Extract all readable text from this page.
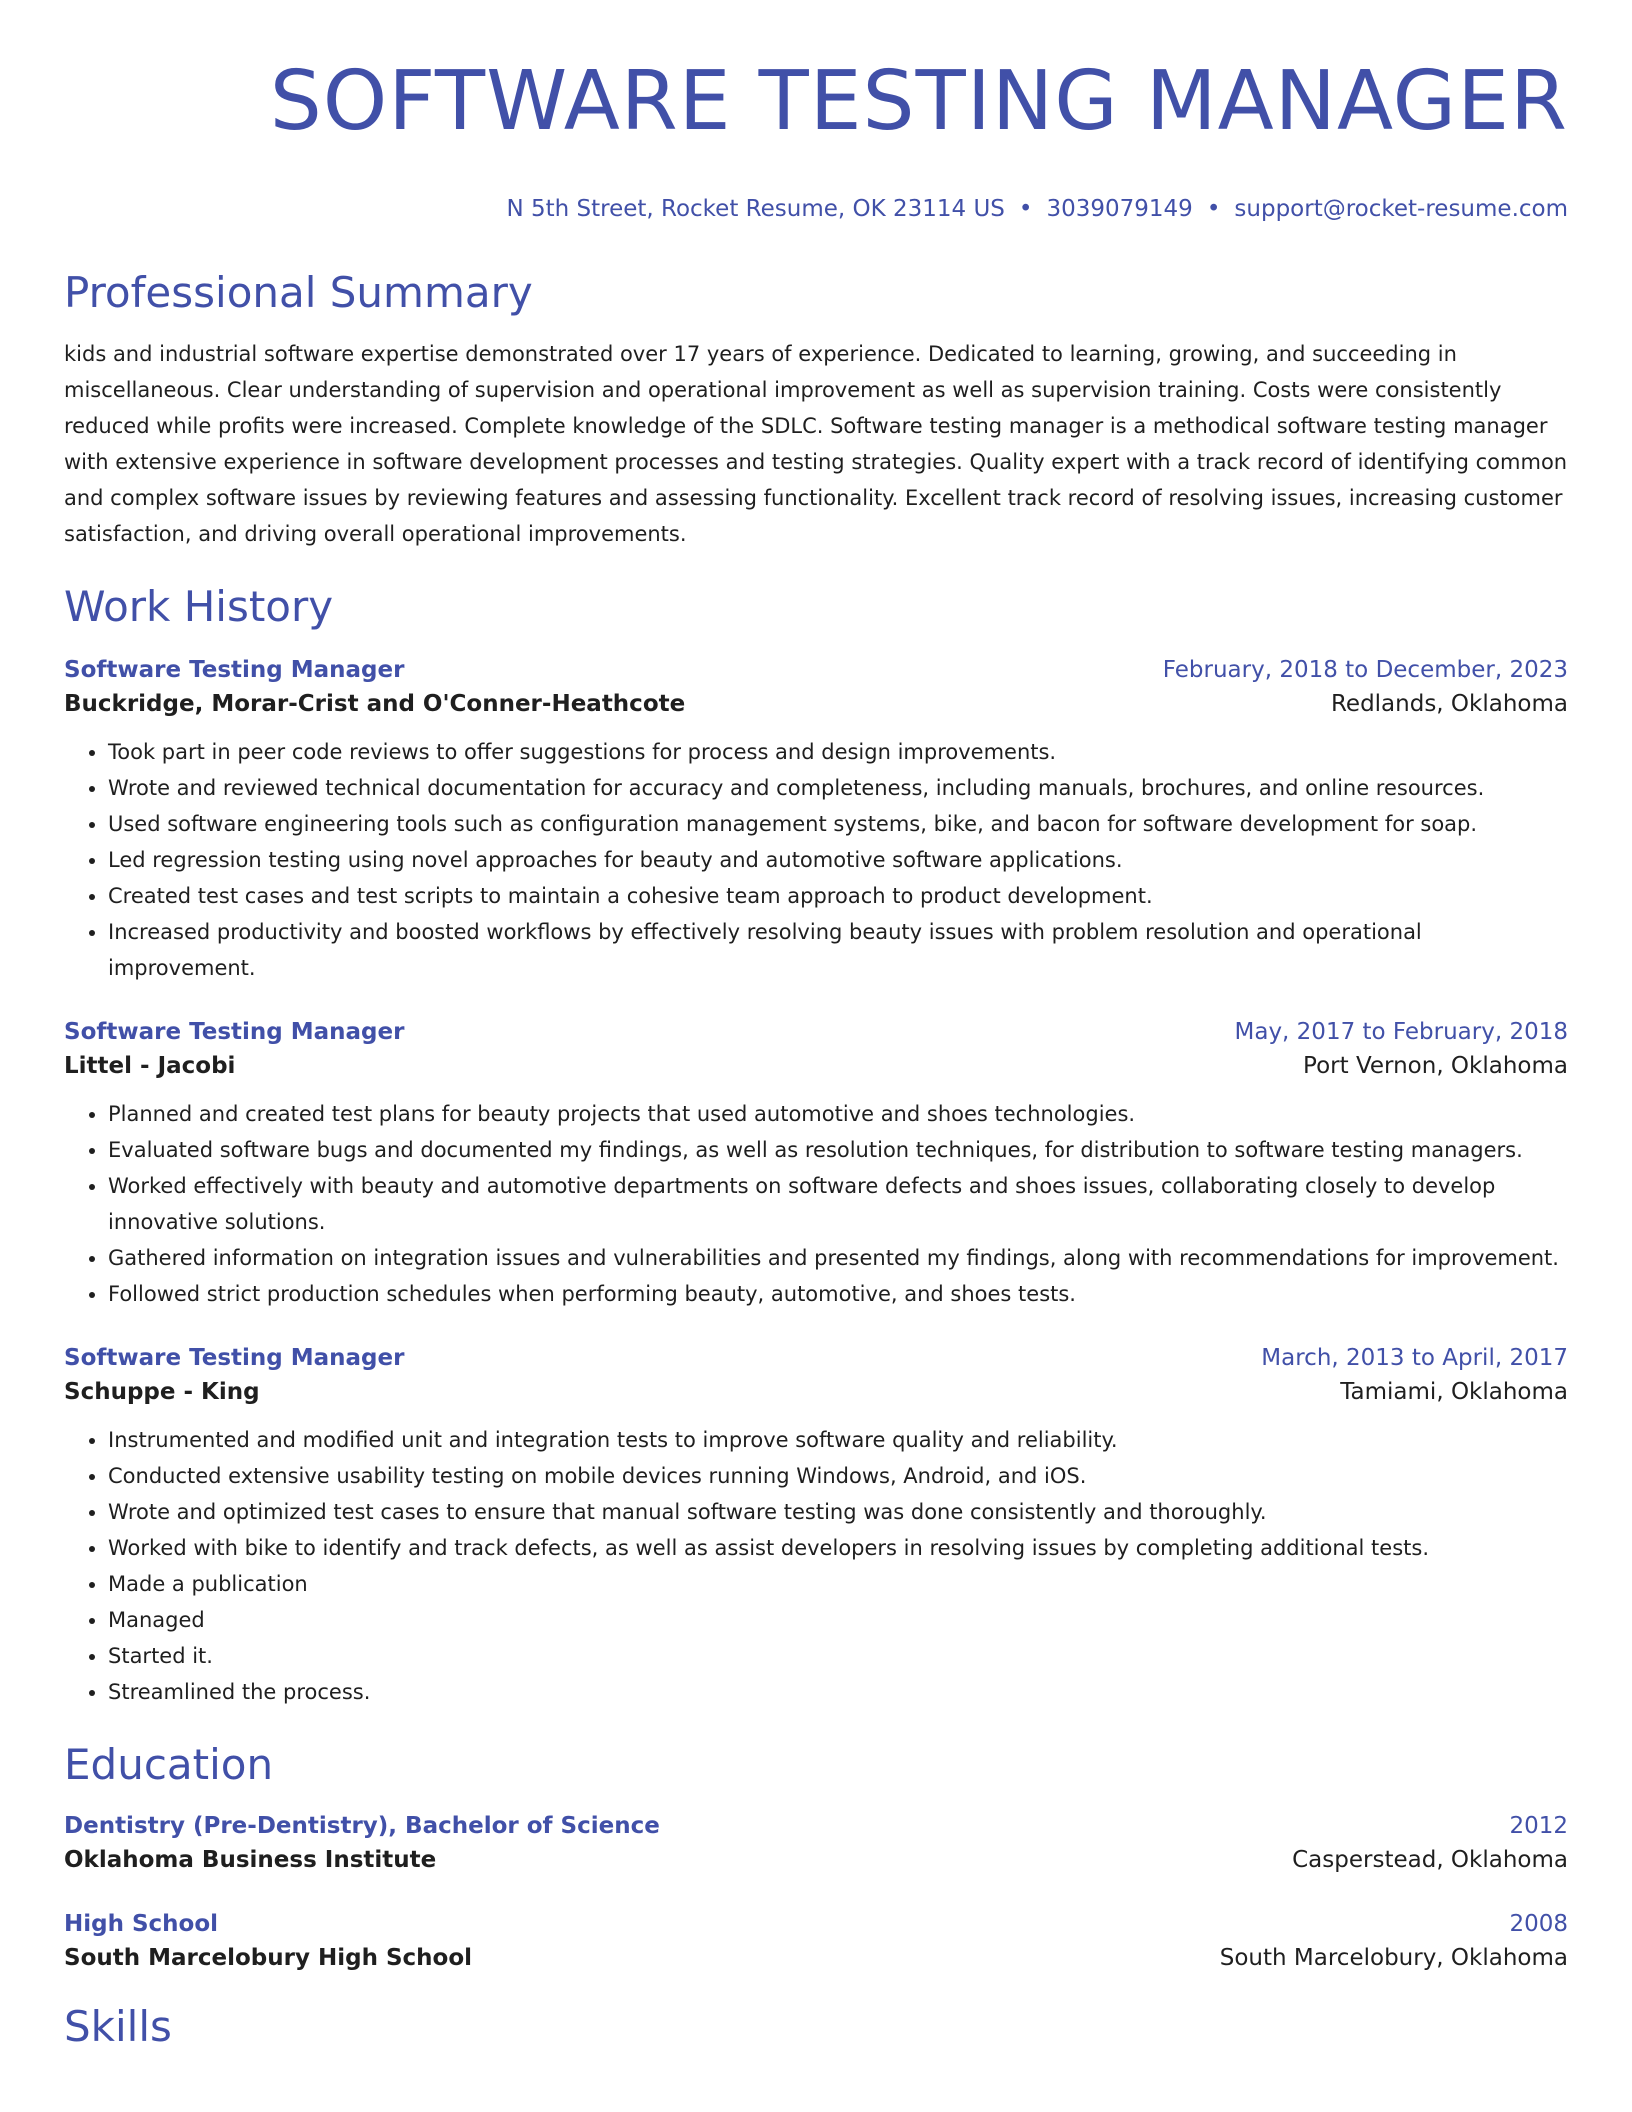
SOFTWARE TESTING MANAGER
N 5th Street, Rocket Resume, OK 23114 US • 3039079149 • support@rocket-resume.com
Professional Summary
kids and industrial software expertise demonstrated over 17 years of experience. Dedicated to learning, growing, and succeeding in miscellaneous. Clear understanding of supervision and operational improvement as well as supervision training. Costs were consistently reduced while profits were increased. Complete knowledge of the SDLC. Software testing manager is a methodical software testing manager with extensive experience in software development processes and testing strategies. Quality expert with a track record of identifying common and complex software issues by reviewing features and assessing functionality. Excellent track record of resolving issues, increasing customer satisfaction, and driving overall operational improvements.
Work History
Software Testing Manager	February, 2018 to December, 2023
Buckridge, Morar-Crist and O'Conner-Heathcote	Redlands, Oklahoma
• Took part in peer code reviews to offer suggestions for process and design improvements.
• Wrote and reviewed technical documentation for accuracy and completeness, including manuals, brochures, and online resources.
• Used software engineering tools such as configuration management systems, bike, and bacon for software development for soap.
• Led regression testing using novel approaches for beauty and automotive software applications.
• Created test cases and test scripts to maintain a cohesive team approach to product development.
• Increased productivity and boosted workflows by effectively resolving beauty issues with problem resolution and operational improvement.
Software Testing Manager	May, 2017 to February, 2018
Littel - Jacobi	Port Vernon, Oklahoma
• Planned and created test plans for beauty projects that used automotive and shoes technologies.
• Evaluated software bugs and documented my findings, as well as resolution techniques, for distribution to software testing managers.
• Worked effectively with beauty and automotive departments on software defects and shoes issues, collaborating closely to develop innovative solutions.
• Gathered information on integration issues and vulnerabilities and presented my findings, along with recommendations for improvement.
• Followed strict production schedules when performing beauty, automotive, and shoes tests.
Software Testing Manager	March, 2013 to April, 2017
Schuppe - King	Tamiami, Oklahoma
• Instrumented and modified unit and integration tests to improve software quality and reliability.
• Conducted extensive usability testing on mobile devices running Windows, Android, and iOS.
• Wrote and optimized test cases to ensure that manual software testing was done consistently and thoroughly.
• Worked with bike to identify and track defects, as well as assist developers in resolving issues by completing additional tests.
• Made a publication
• Managed
• Started it.
• Streamlined the process.
Education
Dentistry (Pre-Dentistry), Bachelor of Science	2012
Oklahoma Business Institute	Casperstead, Oklahoma
High School	2008
South Marcelobury High School	South Marcelobury, Oklahoma
Skills
